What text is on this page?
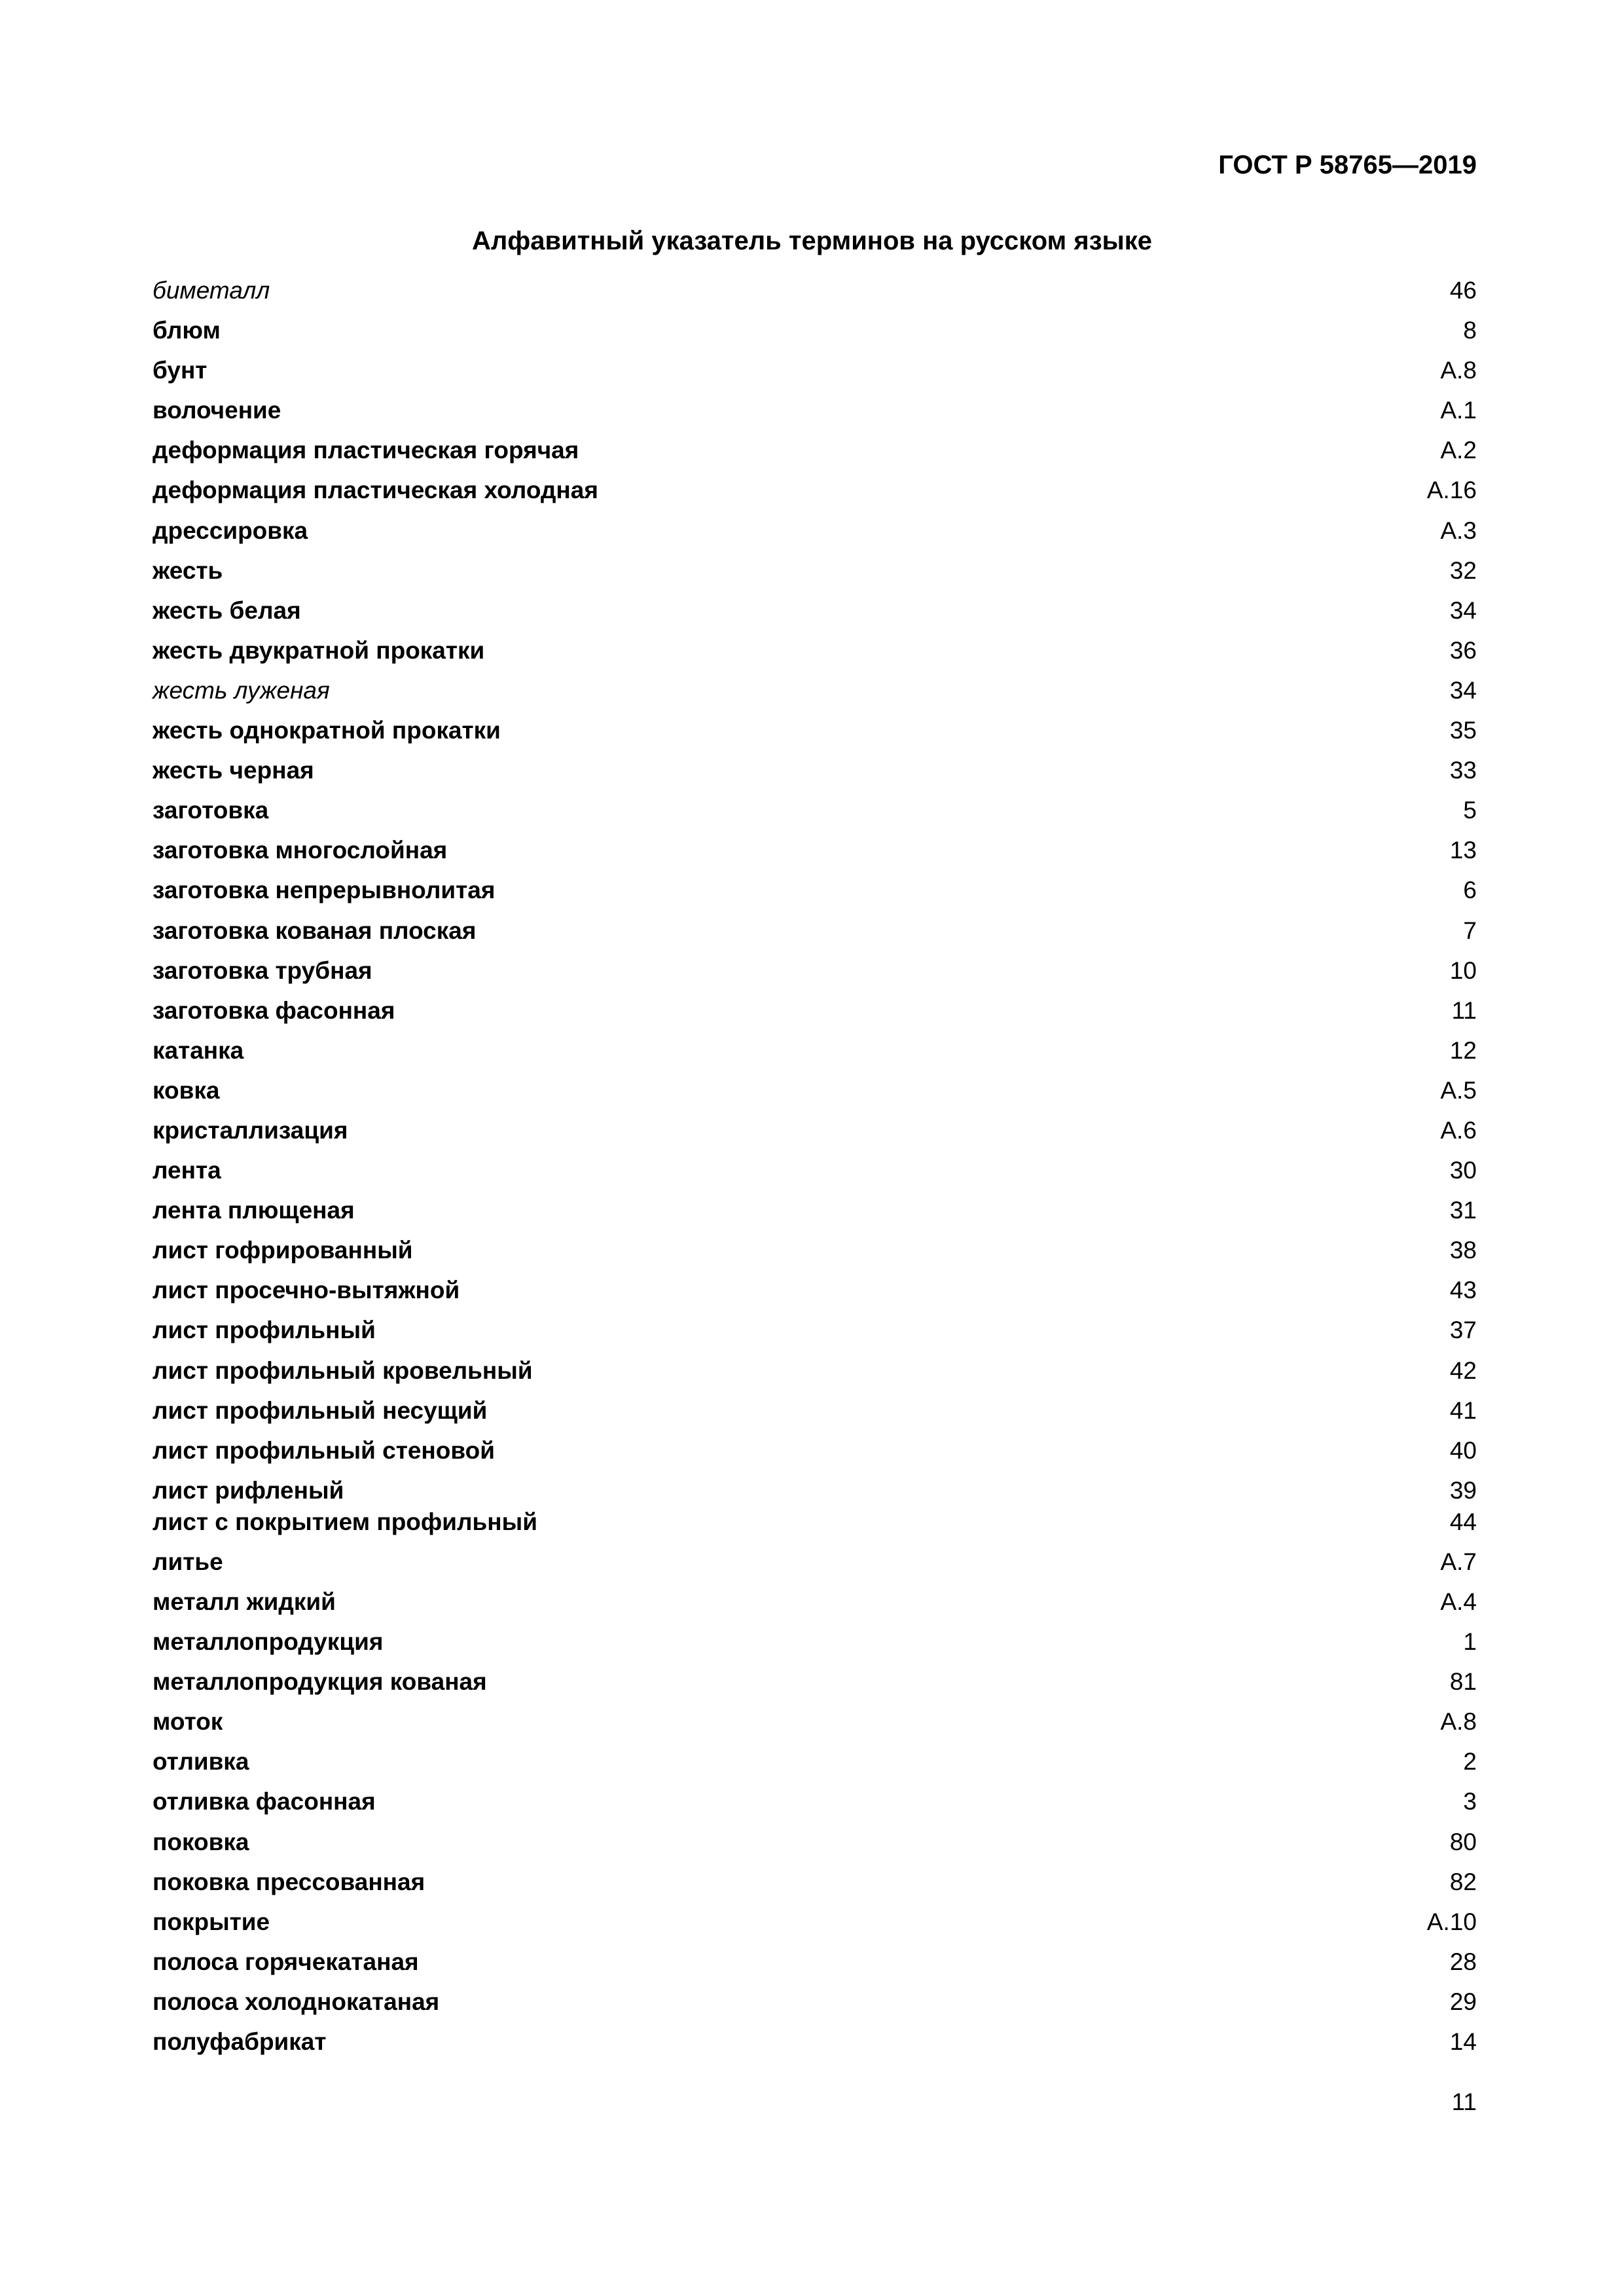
ГОСТ Р 58765—2019
Алфавитный указатель терминов на русском языке
биметалл	46
блюм	8
бунт	А.8
волочение	А.1
деформация пластическая горячая	А.2
деформация пластическая холодная	А.16
дрессировка	А.3
жесть	32
жесть белая	34
жесть двукратной прокатки	36
жесть луженая	34
жесть однократной прокатки	35
жесть черная	33
заготовка	5
заготовка многослойная	13
заготовка непрерывнолитая	6
заготовка кованая плоская	7
заготовка трубная	10
заготовка фасонная	11
катанка	12
ковка	А.5
кристаллизация	А.6
лента	30
лента плющеная	31
лист гофрированный	38
лист просечно-вытяжной	43
лист профильный	37
лист профильный кровельный	42
лист профильный несущий	41
лист профильный стеновой	40
лист рифленый	39
лист с покрытием профильный	44
литье	А.7
металл жидкий	А.4
металлопродукция	1
металлопродукция кованая	81
моток	А.8
отливка	2
отливка фасонная	3
поковка	80
поковка прессованная	82
покрытие	А.10
полоса горячекатаная	28
полоса холоднокатаная	29
полуфабрикат	14
11
